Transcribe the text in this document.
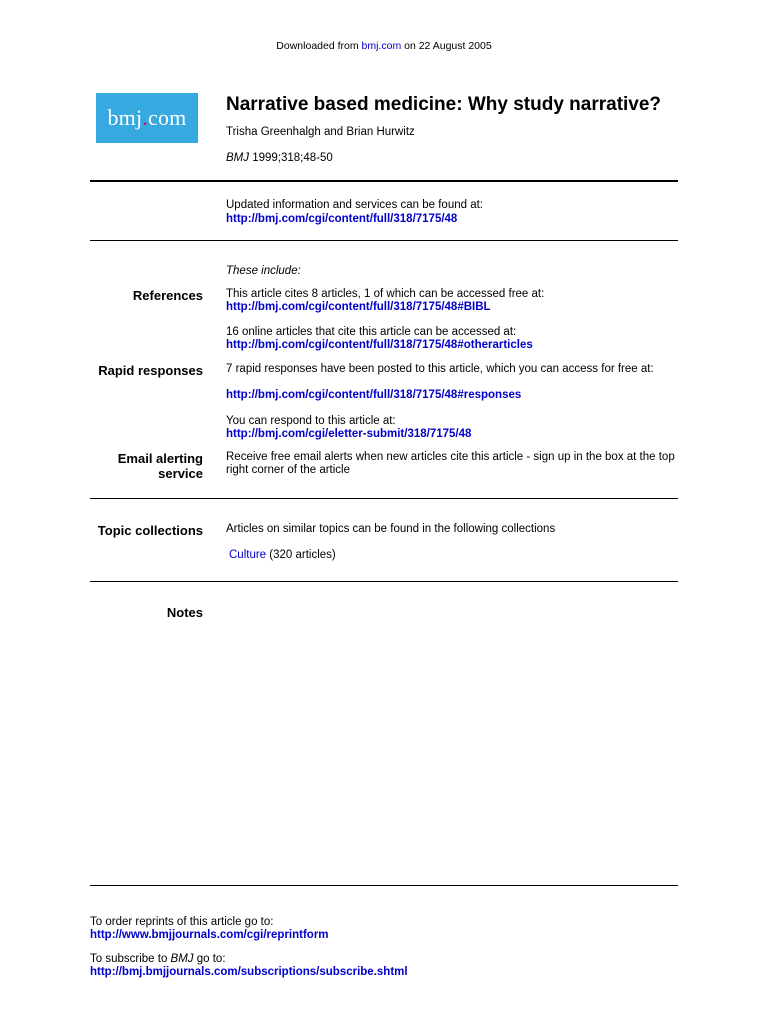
Downloaded from bmj.com on 22 August 2005
bmj.com
Narrative based medicine: Why study narrative?
Trisha Greenhalgh and Brian Hurwitz
BMJ 1999;318;48-50
Updated information and services can be found at:
http://bmj.com/cgi/content/full/318/7175/48
These include:
References This article cites 8 articles, 1 of which can be accessed free at:
http://bmj.com/cgi/content/full/318/7175/48#BIBL
16 online articles that cite this article can be accessed at:
http://bmj.com/cgi/content/full/318/7175/48#otherarticles
Rapid responses 7 rapid responses have been posted to this article, which you can access for free at:
http://bmj.com/cgi/content/full/318/7175/48#responses
You can respond to this article at:
http://bmj.com/cgi/eletter-submit/318/7175/48
Email alerting
service
Receive free email alerts when new articles cite this article - sign up in the box at the top right corner of the article
Topic collections Articles on similar topics can be found in the following collections
Culture (320 articles)
Notes
To order reprints of this article go to:
http://www.bmjjournals.com/cgi/reprintform
To subscribe to BMJ go to:
http://bmj.bmjjournals.com/subscriptions/subscribe.shtml
